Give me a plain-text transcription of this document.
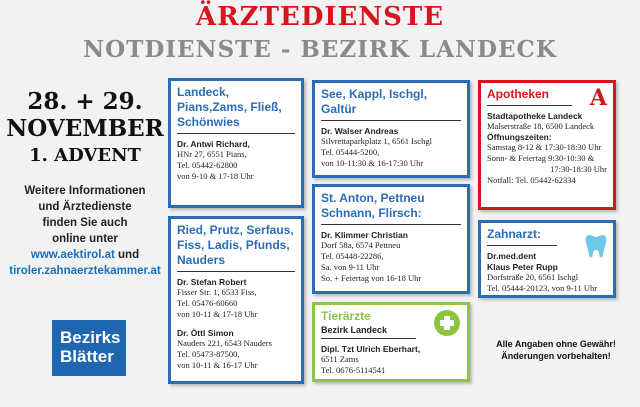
ÄRZTEDIENSTE
NOTDIENSTE - BEZIRK LANDECK
28. + 29.
NOVEMBER
1. ADVENT
Weitere Informationen
und Ärztedienste
finden Sie auch
online unter
www.aektirol.at und
tiroler.zahnaerztekammer.at
Bezirks
Blätter
Landeck, Pians,Zams, Fließ, Schönwies
Dr. Antwi Richard,
HNr 27, 6551 Pians,
Tel. 05442-62800
von 9-10 & 17-18 Uhr
See, Kappl, Ischgl, Galtür
Dr. Walser Andreas
Silvrettaparkplatz 1, 6561 Ischgl
Tel. 05444-5200,
von 10-11:30 & 16-17:30 Uhr
A
Apotheken
Stadtapotheke Landeck
Malserstraße 18, 6500 Landeck
Öffnungszeiten:
Samstag 8-12 & 17:30-18:30 Uhr
Sonn- & Feiertag 9:30-10:30 &
17:30-18:30 Uhr
Notfall: Tel. 05442-62334
St. Anton, Pettneu Schnann, Flirsch:
Dr. Klimmer Christian
Dorf 58a, 6574 Pettneu
Tel. 05448-22286,
Sa. von 9-11 Uhr
So. + Feiertag von 16-18 Uhr
Ried, Prutz, Serfaus, Fiss, Ladis, Pfunds, Nauders
Dr. Stefan Robert
Fisser Str. 1, 6533 Fiss,
Tel. 05476-60660
von 10-11 & 17-18 Uhr
Dr. Öttl Simon
Nauders 221, 6543 Nauders
Tel. 05473-87500,
von 10-11 & 16-17 Uhr
Zahnarzt:
Dr.med.dent
Klaus Peter Rupp
Dorfstraße 20, 6561 Ischgl
Tel. 05444-20123, von 9-11 Uhr
Tierärzte
Bezirk Landeck
Dipl. Tzt Ulrich Eberhart,
6511 Zams
Tel. 0676-5114541
Alle Angaben ohne Gewähr!
Änderungen vorbehalten!
